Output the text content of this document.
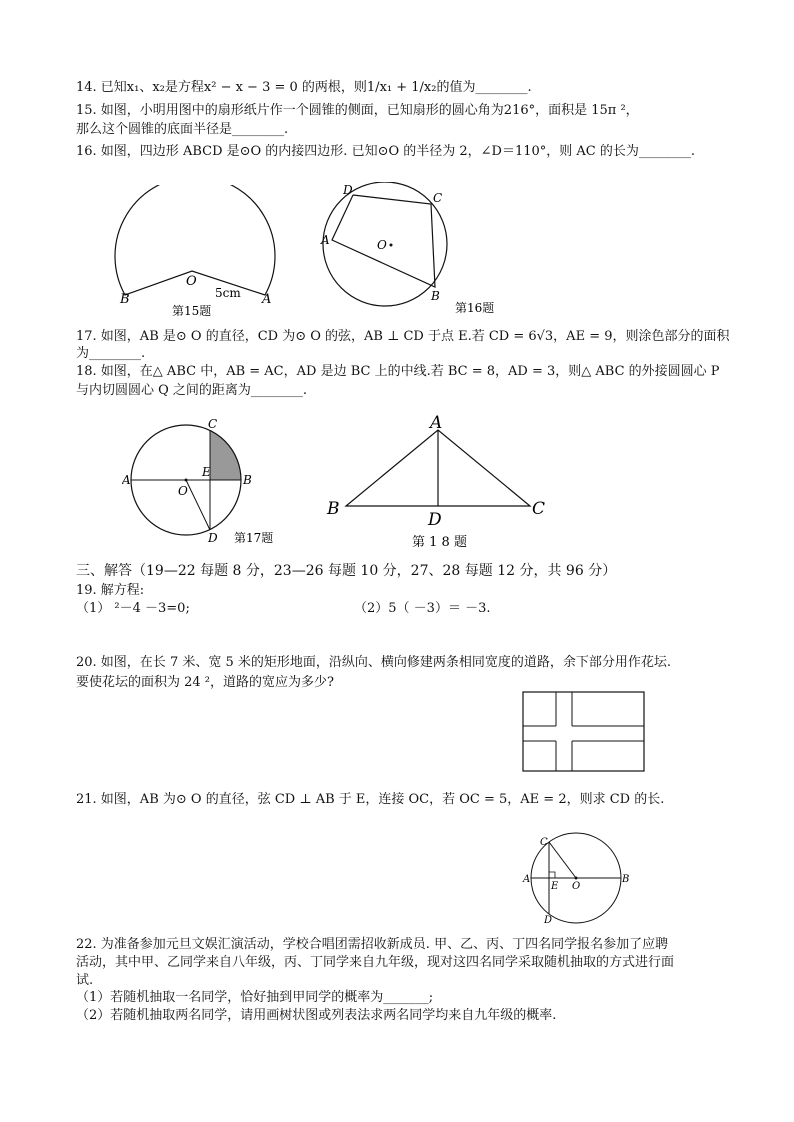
14. 已知x₁、x₂是方程x² − x − 3 = 0 的两根，则1/x₁ + 1/x₂的值为________.
15. 如图，小明用图中的扇形纸片作一个圆锥的侧面，已知扇形的圆心角为216°，面积是 15π ²，
那么这个圆锥的底面半径是________.
16. 如图，四边形 ABCD 是⊙O 的内接四边形. 已知⊙O 的半径为 2，∠D＝110°，则 AC 的长为________.
O
B	A
5cm
第15题
O
D
C
A
B
第16题
17. 如图，AB 是⊙ O 的直径，CD 为⊙ O 的弦，AB ⊥ CD 于点 E.若 CD = 6√3，AE = 9，则涂色部分的面积
为________.
18. 如图，在△ ABC 中，AB = AC，AD 是边 BC 上的中线.若 BC = 8，AD = 3，则△ ABC 的外接圆圆心 P
与内切圆圆心 Q 之间的距离为________.
C
A	B
E
O
D 第17题
A
B	C
D
第 1 8 题
三、解答（19—22 每题 8 分，23—26 每题 10 分，27、28 每题 12 分，共 96 分）
19. 解方程:
（1） ²－4 －3=0;	（2）5（ －3）＝ －3.
20. 如图，在长 7 米、宽 5 米的矩形地面，沿纵向、横向修建两条相同宽度的道路，余下部分用作花坛.
要使花坛的面积为 24 ²，道路的宽应为多少?
21. 如图，AB 为⊙ O 的直径，弦 CD ⊥ AB 于 E，连接 OC，若 OC = 5，AE = 2，则求 CD 的长.
C
A
E O
B
D
22. 为准备参加元旦文娱汇演活动，学校合唱团需招收新成员. 甲、乙、丙、丁四名同学报名参加了应聘
活动，其中甲、乙同学来自八年级，丙、丁同学来自九年级，现对这四名同学采取随机抽取的方式进行面
试.
（1）若随机抽取一名同学，恰好抽到甲同学的概率为_______;
（2）若随机抽取两名同学，请用画树状图或列表法求两名同学均来自九年级的概率.
